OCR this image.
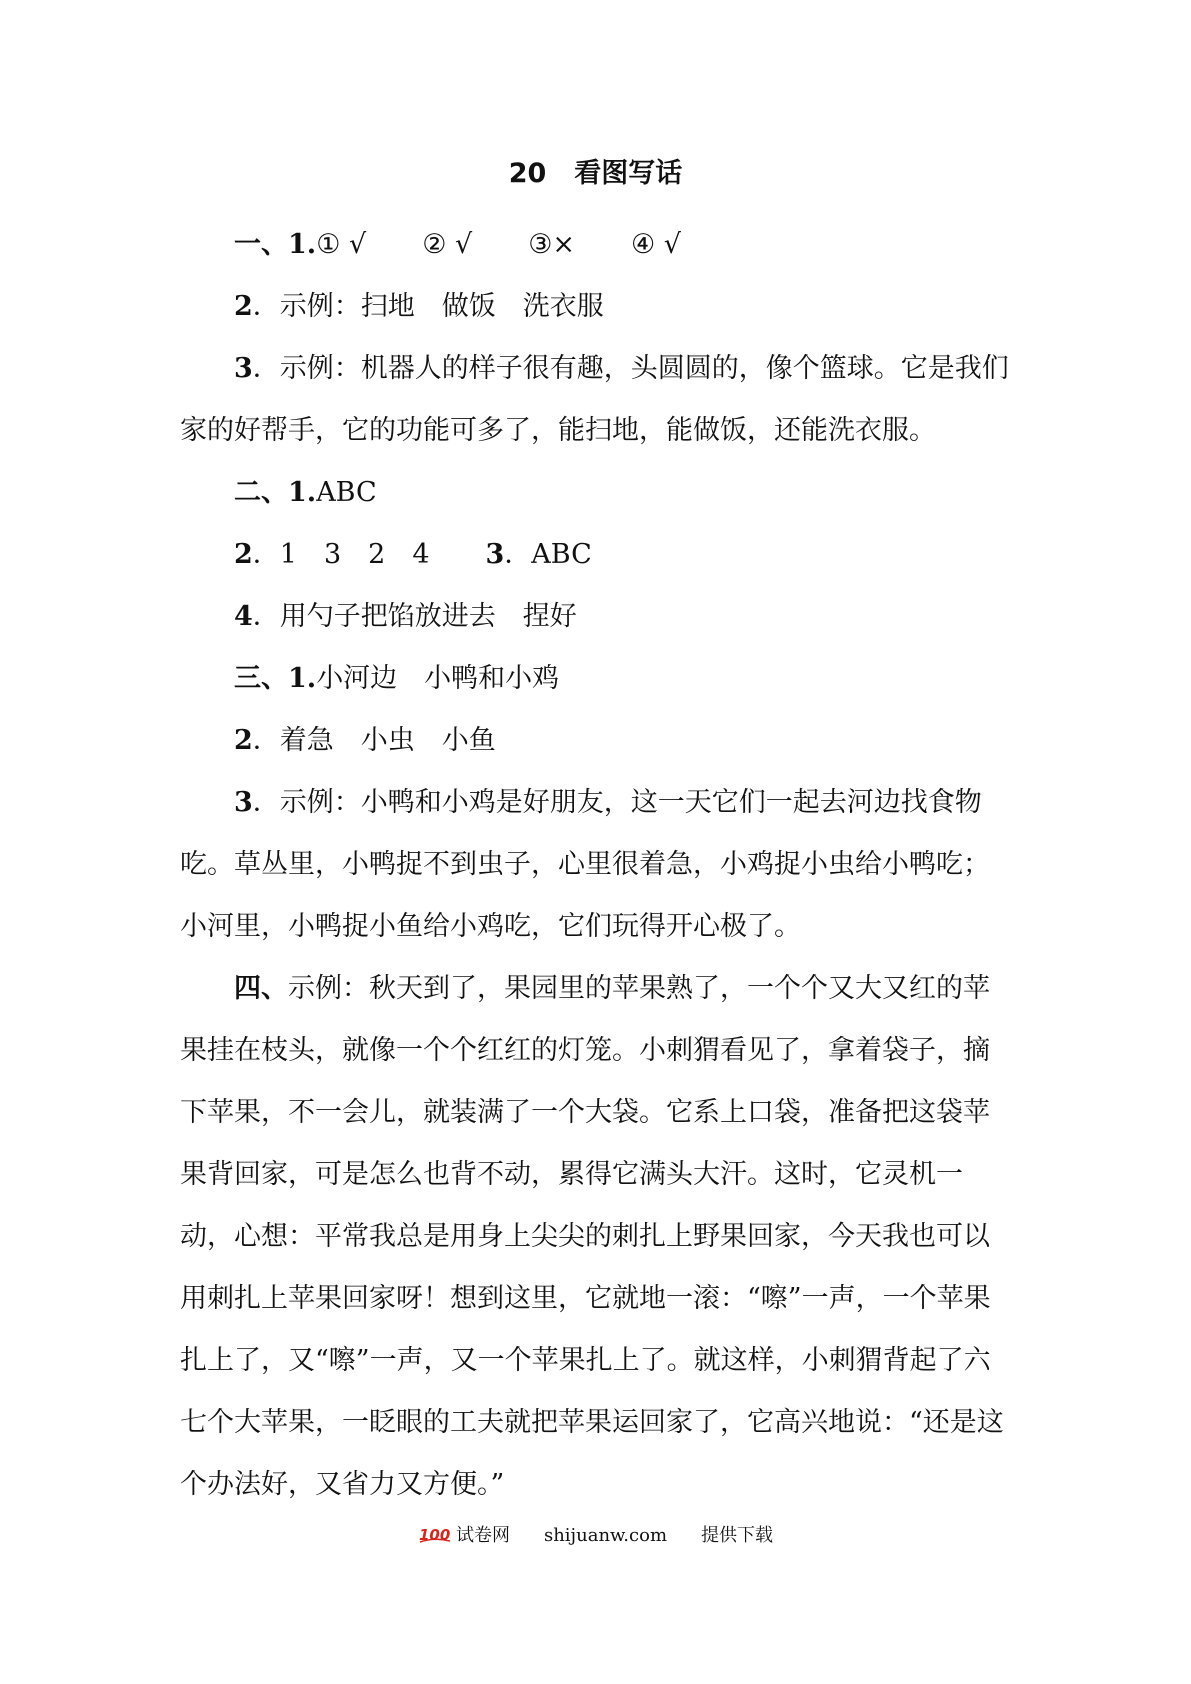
20 看图写话

一、1.① √ ② √ ③× ④ √

2．示例：扫地　做饭　洗衣服

3．示例：机器人的样子很有趣，头圆圆的，像个篮球。它是我们家的好帮手，它的功能可多了，能扫地，能做饭，还能洗衣服。

二、1.ABC

2．1　3　2　4 3．ABC

4．用勺子把馅放进去　捏好

三、1.小河边　小鸭和小鸡

2．着急　小虫　小鱼

3．示例：小鸭和小鸡是好朋友，这一天它们一起去河边找食物吃。草丛里，小鸭捉不到虫子，心里很着急，小鸡捉小虫给小鸭吃；小河里，小鸭捉小鱼给小鸡吃，它们玩得开心极了。

四、示例：秋天到了，果园里的苹果熟了，一个个又大又红的苹果挂在枝头，就像一个个红红的灯笼。小刺猬看见了，拿着袋子，摘下苹果，不一会儿，就装满了一个大袋。它系上口袋，准备把这袋苹果背回家，可是怎么也背不动，累得它满头大汗。这时，它灵机一动，心想：平常我总是用身上尖尖的刺扎上野果回家，今天我也可以用刺扎上苹果回家呀！想到这里，它就地一滚：“嚓”一声，一个苹果扎上了，又“嚓”一声，又一个苹果扎上了。就这样，小刺猬背起了六七个大苹果，一眨眼的工夫就把苹果运回家了，它高兴地说：“还是这个办法好，又省力又方便。”

100 试卷网 shijuanw.com 提供下载
